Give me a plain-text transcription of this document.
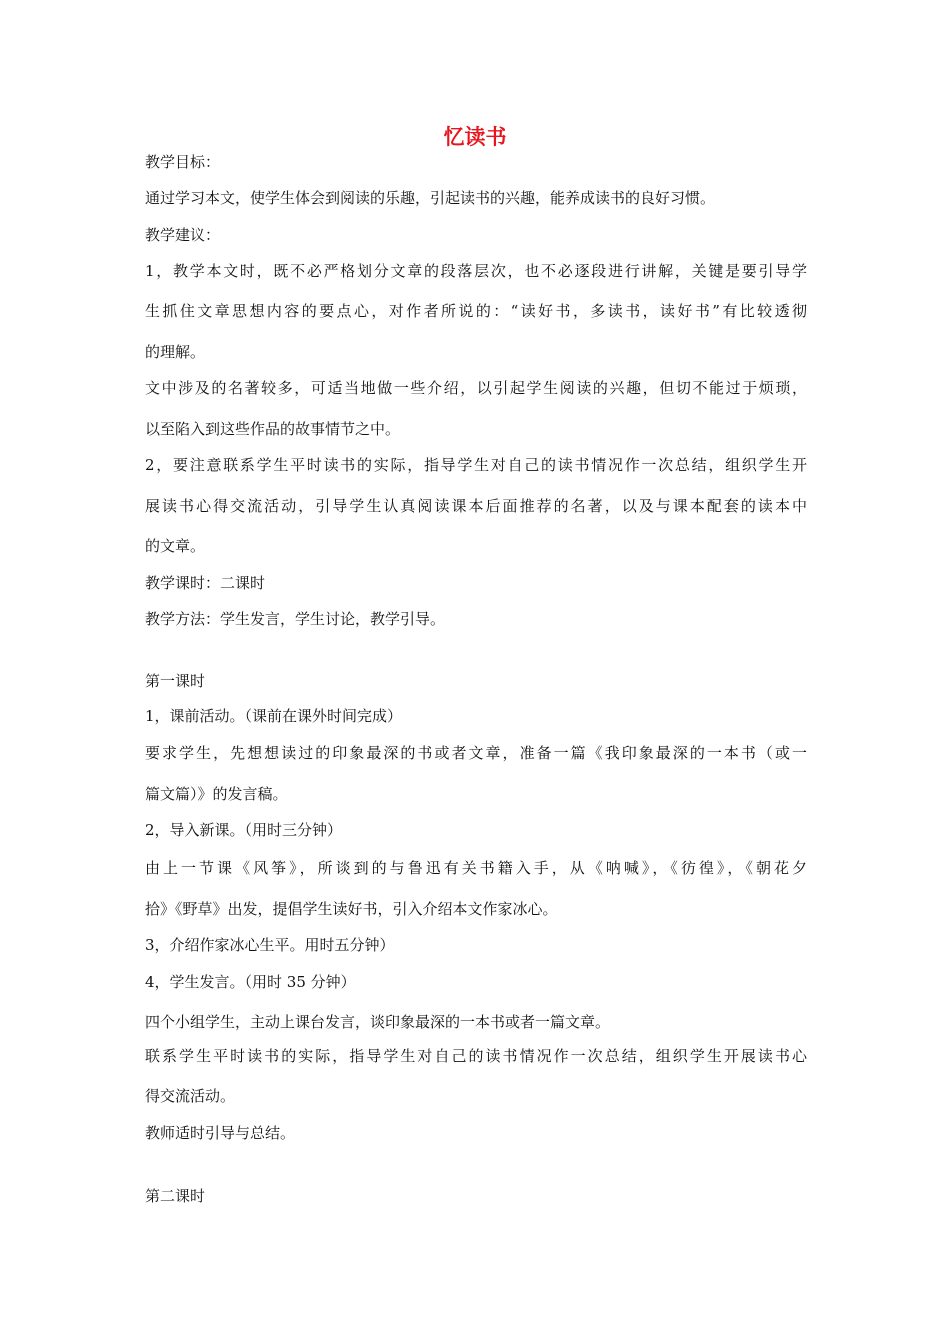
忆读书
教学目标：
通过学习本文，使学生体会到阅读的乐趣，引起读书的兴趣，能养成读书的良好习惯。
教学建议：
1，教学本文时，既不必严格划分文章的段落层次，也不必逐段进行讲解，关键是要引导学
生抓住文章思想内容的要点心，对作者所说的：“读好书，多读书，读好书”有比较透彻
的理解。
文中涉及的名著较多，可适当地做一些介绍，以引起学生阅读的兴趣，但切不能过于烦琐，
以至陷入到这些作品的故事情节之中。
2，要注意联系学生平时读书的实际，指导学生对自己的读书情况作一次总结，组织学生开
展读书心得交流活动，引导学生认真阅读课本后面推荐的名著，以及与课本配套的读本中
的文章。
教学课时：二课时
教学方法：学生发言，学生讨论，教学引导。
第一课时
1，课前活动。（课前在课外时间完成）
要求学生，先想想读过的印象最深的书或者文章，准备一篇《我印象最深的一本书（或一
篇文篇）》的发言稿。
2，导入新课。（用时三分钟）
由上一节课《风筝》，所谈到的与鲁迅有关书籍入手，从《呐喊》，《彷徨》，《朝花夕
拾》《野草》出发，提倡学生读好书，引入介绍本文作家冰心。
3，介绍作家冰心生平。用时五分钟）
4，学生发言。（用时 35 分钟）
四个小组学生，主动上课台发言，谈印象最深的一本书或者一篇文章。
联系学生平时读书的实际，指导学生对自己的读书情况作一次总结，组织学生开展读书心
得交流活动。
教师适时引导与总结。
第二课时
